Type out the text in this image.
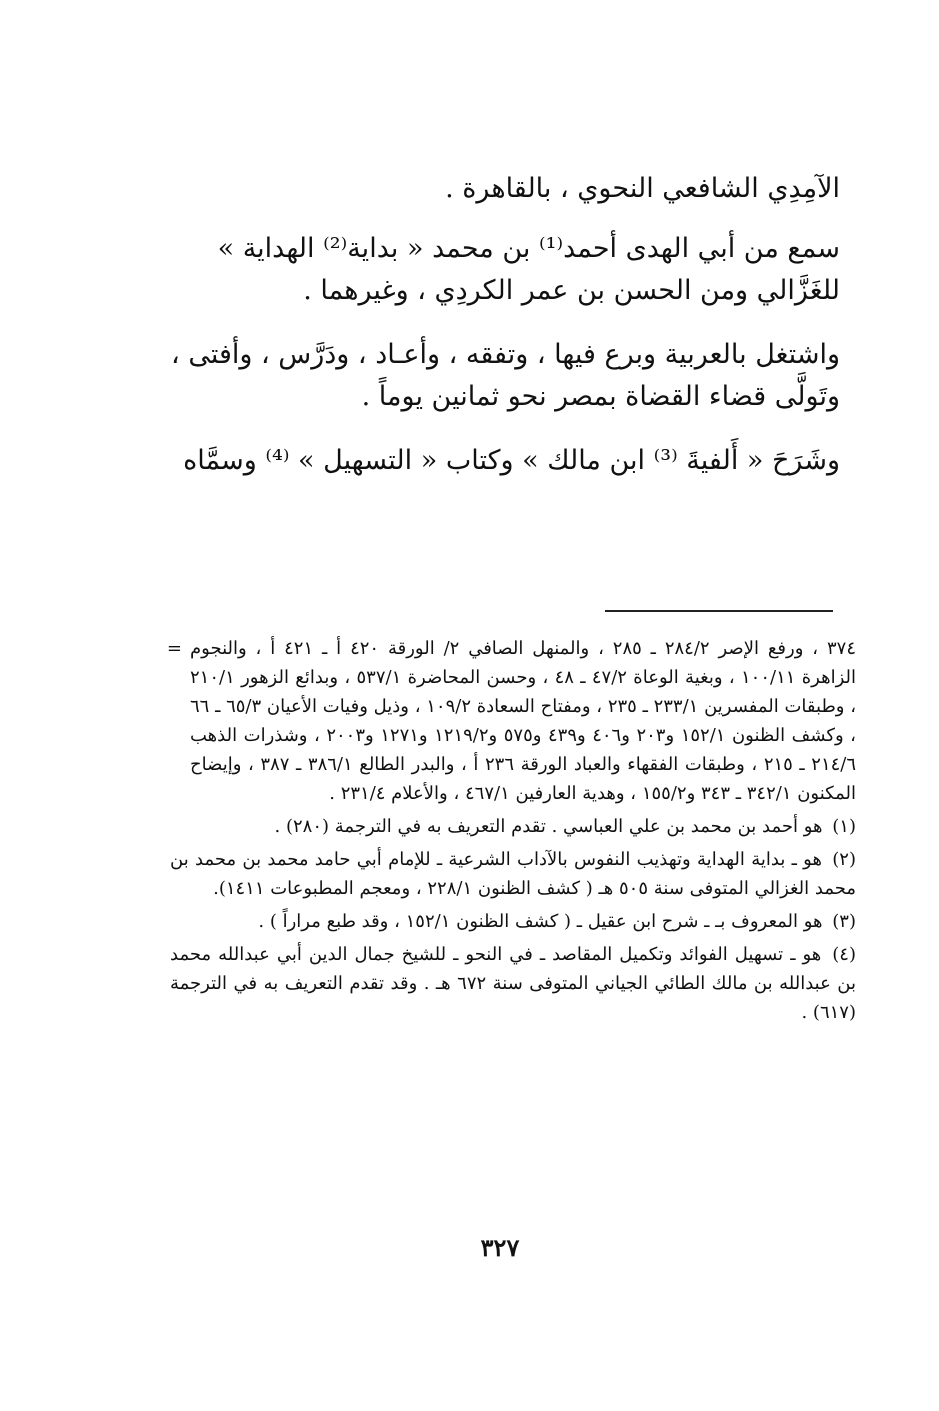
الآمِدِي الشافعي النحوي ، بالقاهرة .

سمع من أبي الهدى أحمد⁽¹⁾ بن محمد « بداية⁽²⁾ الهداية » للغَزَّالي ومن الحسن بن عمر الكردِي ، وغيرهما .

واشتغل بالعربية وبرع فيها ، وتفقه ، وأعـاد ، ودَرَّس ، وأفتى ، وتَولَّى قضاء القضاة بمصر نحو ثمانين يوماً .

وشَرَحَ « أَلفيةَ ⁽³⁾ ابن مالك » وكتاب « التسهيل » ⁽⁴⁾ وسمَّاه

٣٧٤ ، ورفع الإصر ٢٨٤/٢ ـ ٢٨٥ ، والمنهل الصافي ٢/ الورقة ٤٢٠ أ ـ ٤٢١ أ ، والنجوم الزاهرة ١٠٠/١١ ، وبغية الوعاة ٤٧/٢ ـ ٤٨ ، وحسن المحاضرة ٥٣٧/١ ، وبدائع الزهور ٢١٠/١ ، وطبقات المفسرين ٢٣٣/١ ـ ٢٣٥ ، ومفتاح السعادة ١٠٩/٢ ، وذيل وفيات الأعيان ٦٥/٣ ـ ٦٦ ، وكشف الظنون ١٥٢/١ و٢٠٣ و٤٠٦ و٤٣٩ و٥٧٥ و١٢١٩/٢ و١٢٧١ و٢٠٠٣ ، وشذرات الذهب ٢١٤/٦ ـ ٢١٥ ، وطبقات الفقهاء والعباد الورقة ٢٣٦ أ ، والبدر الطالع ٣٨٦/١ ـ ٣٨٧ ، وإيضاح المكنون ٣٤٢/١ ـ ٣٤٣ و١٥٥/٢ ، وهدية العارفين ٤٦٧/١ ، والأعلام ٢٣١/٤ .
=
(١) هو أحمد بن محمد بن علي العباسي . تقدم التعريف به في الترجمة (٢٨٠) .
(٢) هو ـ بداية الهداية وتهذيب النفوس بالآداب الشرعية ـ للإمام أبي حامد محمد بن محمد بن محمد الغزالي المتوفى سنة ٥٠٥ هـ ( كشف الظنون ٢٢٨/١ ، ومعجم المطبوعات ١٤١١).
(٣) هو المعروف بـ ـ شرح ابن عقيل ـ ( كشف الظنون ١٥٢/١ ، وقد طبع مراراً ) .
(٤) هو ـ تسهيل الفوائد وتكميل المقاصد ـ في النحو ـ للشيخ جمال الدين أبي عبدالله محمد بن عبدالله بن مالك الطائي الجياني المتوفى سنة ٦٧٢ هـ . وقد تقدم التعريف به في الترجمة (٦١٧) .
٣٢٧
